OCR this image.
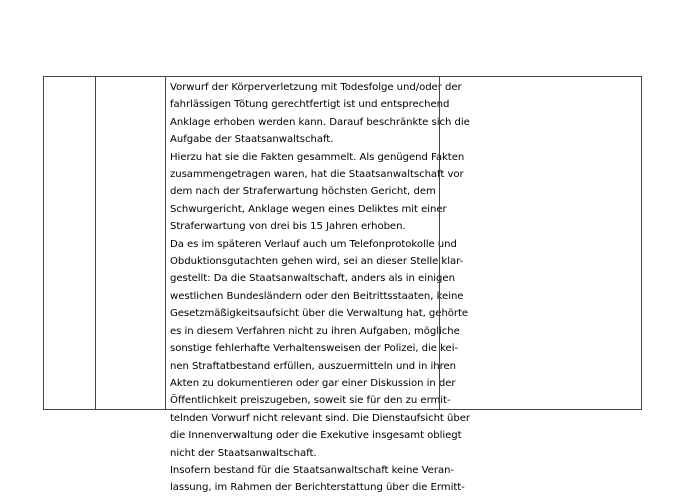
Vorwurf der Körperverletzung mit Todesfolge und/oder der
fahrlässigen Tötung gerechtfertigt ist und entsprechend
Anklage erhoben werden kann. Darauf beschränkte sich die
Aufgabe der Staatsanwaltschaft.
Hierzu hat sie die Fakten gesammelt. Als genügend Fakten
zusammengetragen waren, hat die Staatsanwaltschaft vor
dem nach der Straferwartung höchsten Gericht, dem
Schwurgericht, Anklage wegen eines Deliktes mit einer
Straferwartung von drei bis 15 Jahren erhoben.
Da es im späteren Verlauf auch um Telefonprotokolle und
Obduktionsgutachten gehen wird, sei an dieser Stelle klar-
gestellt: Da die Staatsanwaltschaft, anders als in einigen
westlichen Bundesländern oder den Beitrittsstaaten, keine
Gesetzmäßigkeitsaufsicht über die Verwaltung hat, gehörte
es in diesem Verfahren nicht zu ihren Aufgaben, mögliche
sonstige fehlerhafte Verhaltensweisen der Polizei, die kei-
nen Straftatbestand erfüllen, auszuermitteln und in ihren
Akten zu dokumentieren oder gar einer Diskussion in der
Öffentlichkeit preiszugeben, soweit sie für den zu ermit-
telnden Vorwurf nicht relevant sind. Die Dienstaufsicht über
die Innenverwaltung oder die Exekutive insgesamt obliegt
nicht der Staatsanwaltschaft.
Insofern bestand für die Staatsanwaltschaft keine Veran-
lassung, im Rahmen der Berichterstattung über die Ermitt-
